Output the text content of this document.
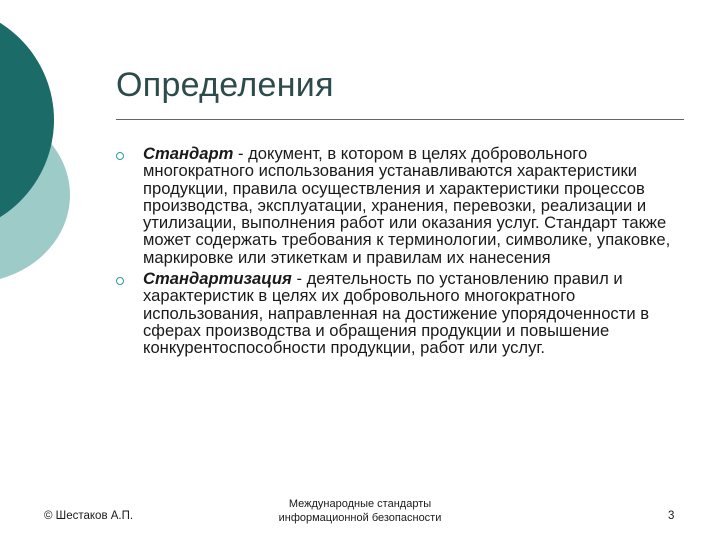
Определения
Стандарт - документ, в котором в целях добровольного многократного использования устанавливаются характеристики продукции, правила осуществления и характеристики процессов производства, эксплуатации, хранения, перевозки, реализации и утилизации, выполнения работ или оказания услуг. Стандарт также может содержать требования к терминологии, символике, упаковке, маркировке или этикеткам и правилам их нанесения
Стандартизация - деятельность по установлению правил и характеристик в целях их добровольного многократного использования, направленная на достижение упорядоченности в сферах производства и обращения продукции и повышение конкурентоспособности продукции, работ или услуг.
© Шестаков А.П.
Международные стандарты
информационной безопасности	3
